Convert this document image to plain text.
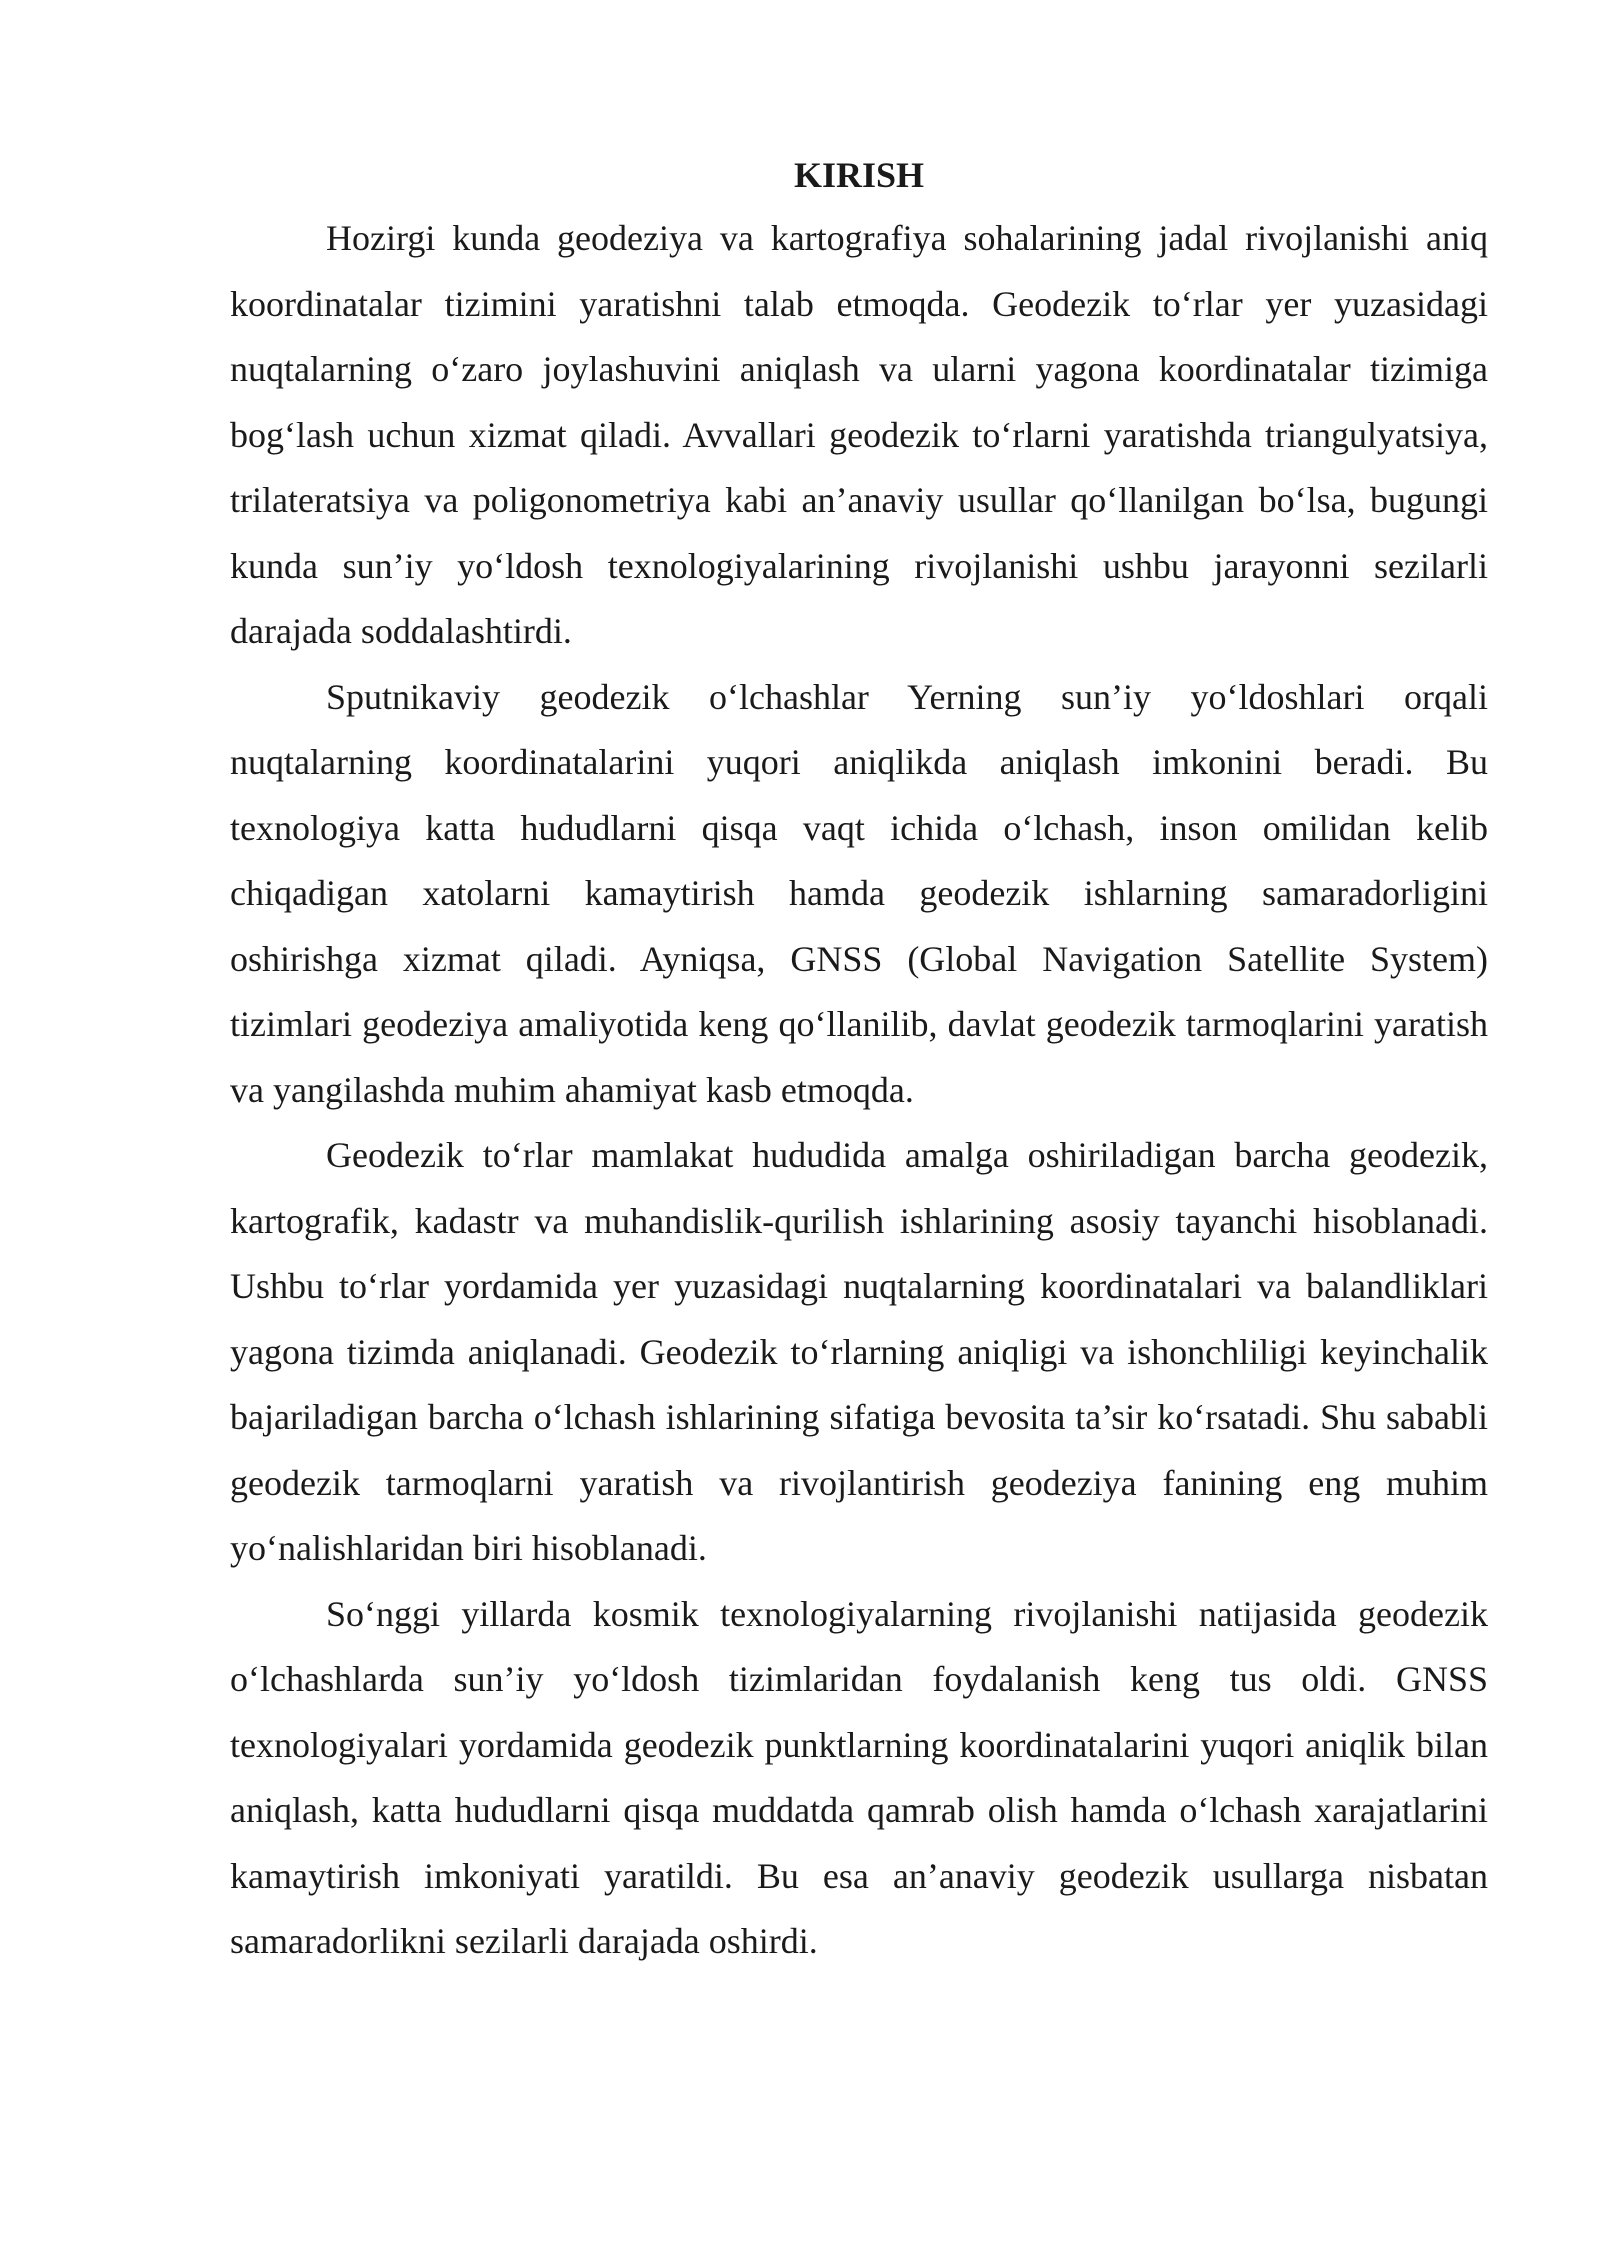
KIRISH

Hozirgi kunda geodeziya va kartografiya sohalarining jadal rivojlanishi aniq koordinatalar tizimini yaratishni talab etmoqda. Geodezik to‘rlar yer yuzasidagi nuqtalarning o‘zaro joylashuvini aniqlash va ularni yagona koordinatalar tizimiga bog‘lash uchun xizmat qiladi. Avvallari geodezik to‘rlarni yaratishda triangulyatsiya, trilateratsiya va poligonometriya kabi an’anaviy usullar qo‘llanilgan bo‘lsa, bugungi kunda sun’iy yo‘ldosh texnologiyalarining rivojlanishi ushbu jarayonni sezilarli darajada soddalashtirdi.

Sputnikaviy geodezik o‘lchashlar Yerning sun’iy yo‘ldoshlari orqali nuqtalarning koordinatalarini yuqori aniqlikda aniqlash imkonini beradi. Bu texnologiya katta hududlarni qisqa vaqt ichida o‘lchash, inson omilidan kelib chiqadigan xatolarni kamaytirish hamda geodezik ishlarning samaradorligini oshirishga xizmat qiladi. Ayniqsa, GNSS (Global Navigation Satellite System) tizimlari geodeziya amaliyotida keng qo‘llanilib, davlat geodezik tarmoqlarini yaratish va yangilashda muhim ahamiyat kasb etmoqda.

Geodezik to‘rlar mamlakat hududida amalga oshiriladigan barcha geodezik, kartografik, kadastr va muhandislik-qurilish ishlarining asosiy tayanchi hisoblanadi. Ushbu to‘rlar yordamida yer yuzasidagi nuqtalarning koordinatalari va balandliklari yagona tizimda aniqlanadi. Geodezik to‘rlarning aniqligi va ishonchliligi keyinchalik bajariladigan barcha o‘lchash ishlarining sifatiga bevosita ta’sir ko‘rsatadi. Shu sababli geodezik tarmoqlarni yaratish va rivojlantirish geodeziya fanining eng muhim yo‘nalishlaridan biri hisoblanadi.

So‘nggi yillarda kosmik texnologiyalarning rivojlanishi natijasida geodezik o‘lchashlarda sun’iy yo‘ldosh tizimlaridan foydalanish keng tus oldi. GNSS texnologiyalari yordamida geodezik punktlarning koordinatalarini yuqori aniqlik bilan aniqlash, katta hududlarni qisqa muddatda qamrab olish hamda o‘lchash xarajatlarini kamaytirish imkoniyati yaratildi. Bu esa an’anaviy geodezik usullarga nisbatan samaradorlikni sezilarli darajada oshirdi.
